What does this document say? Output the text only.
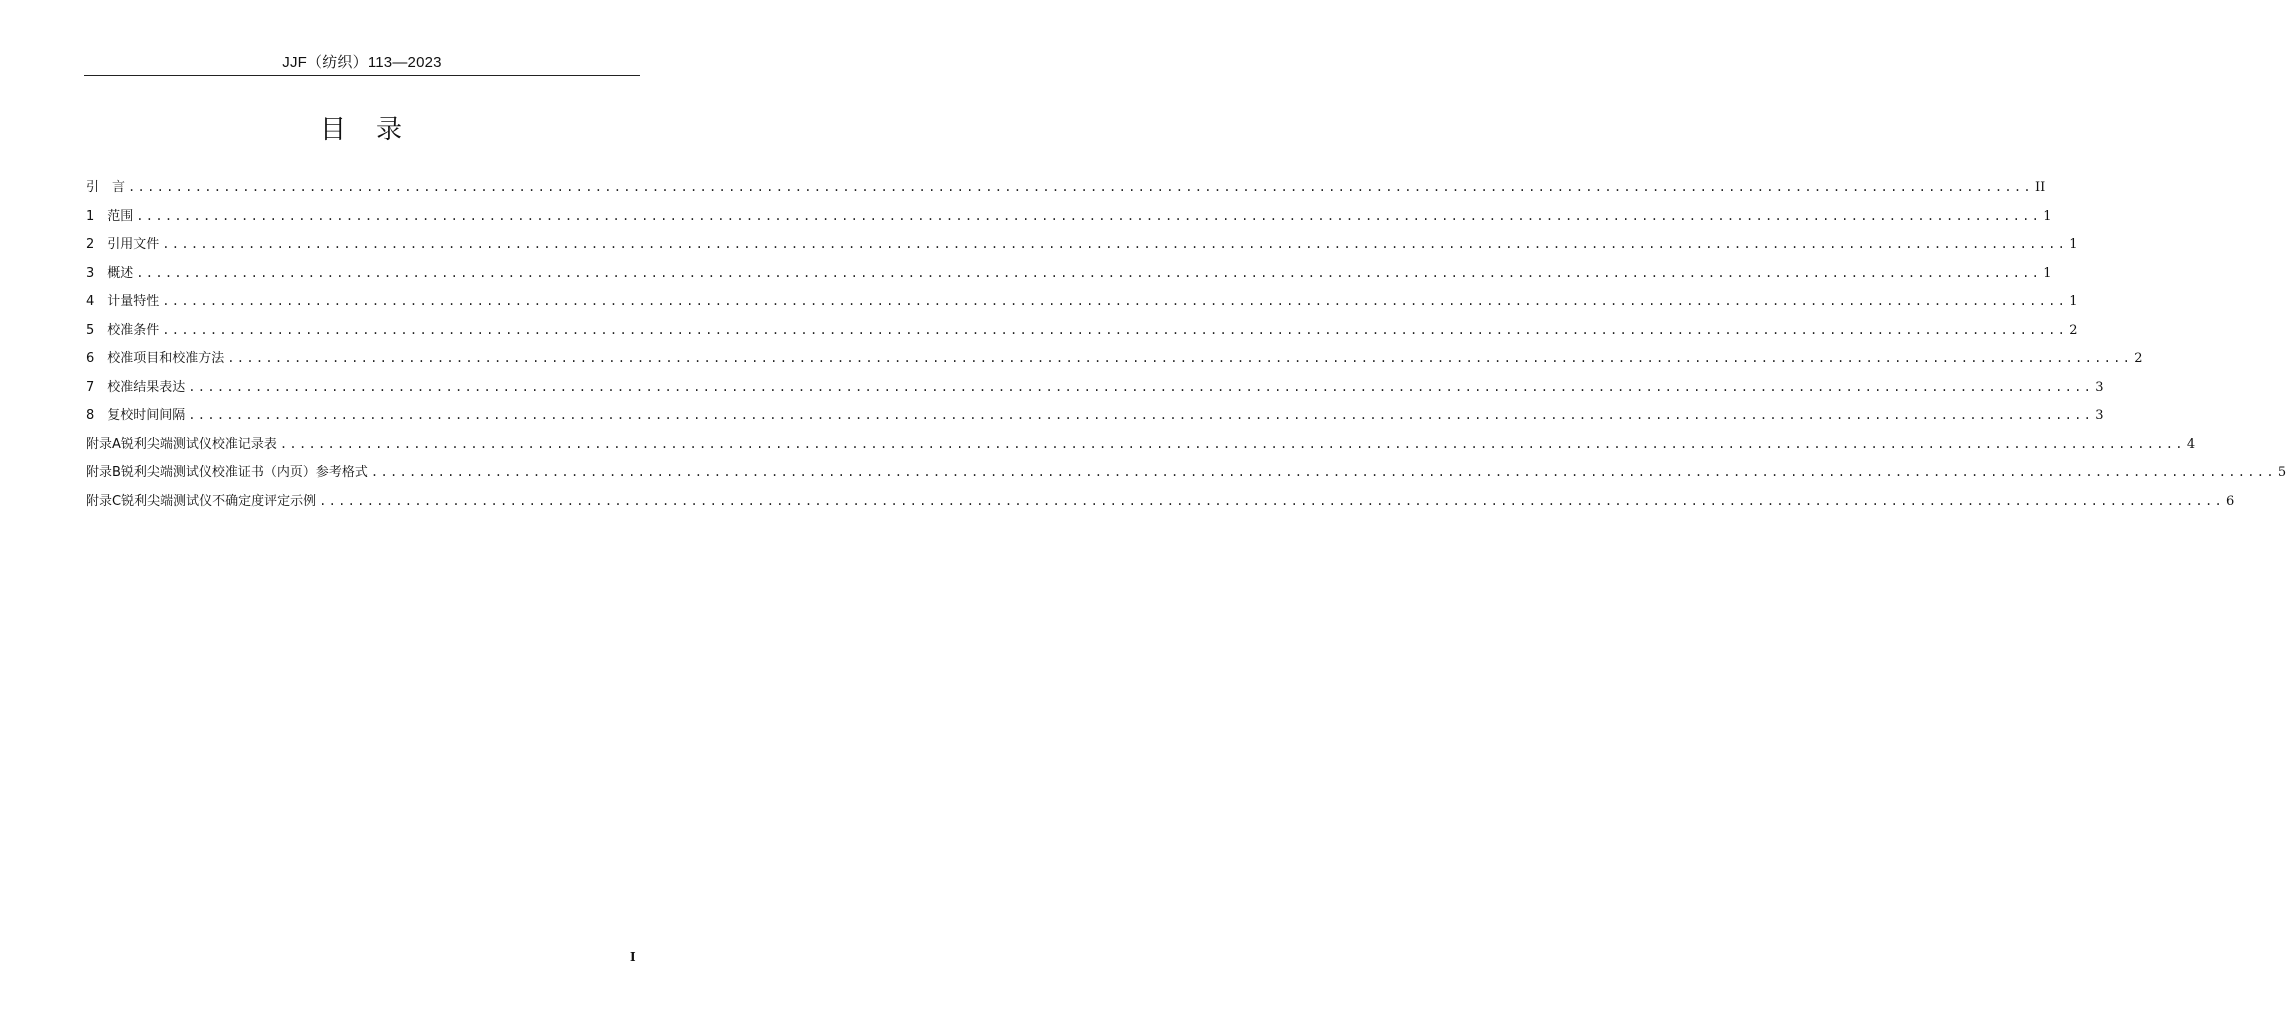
JJF（纺织）113—2023
目　录
引　言 ........................................................................................................................................................................................................ II
1　范围 ........................................................................................................................................................................................................ 1
2　引用文件 ........................................................................................................................................................................................................ 1
3　概述 ........................................................................................................................................................................................................ 1
4　计量特性 ........................................................................................................................................................................................................ 1
5　校准条件 ........................................................................................................................................................................................................ 2
6　校准项目和校准方法 ........................................................................................................................................................................................................ 2
7　校准结果表达 ........................................................................................................................................................................................................ 3
8　复校时间间隔 ........................................................................................................................................................................................................ 3
附录A锐利尖端测试仪校准记录表 ........................................................................................................................................................................................................ 4
附录B锐利尖端测试仪校准证书（内页）参考格式 ........................................................................................................................................................................................................ 5
附录C锐利尖端测试仪不确定度评定示例 ........................................................................................................................................................................................................ 6
I
